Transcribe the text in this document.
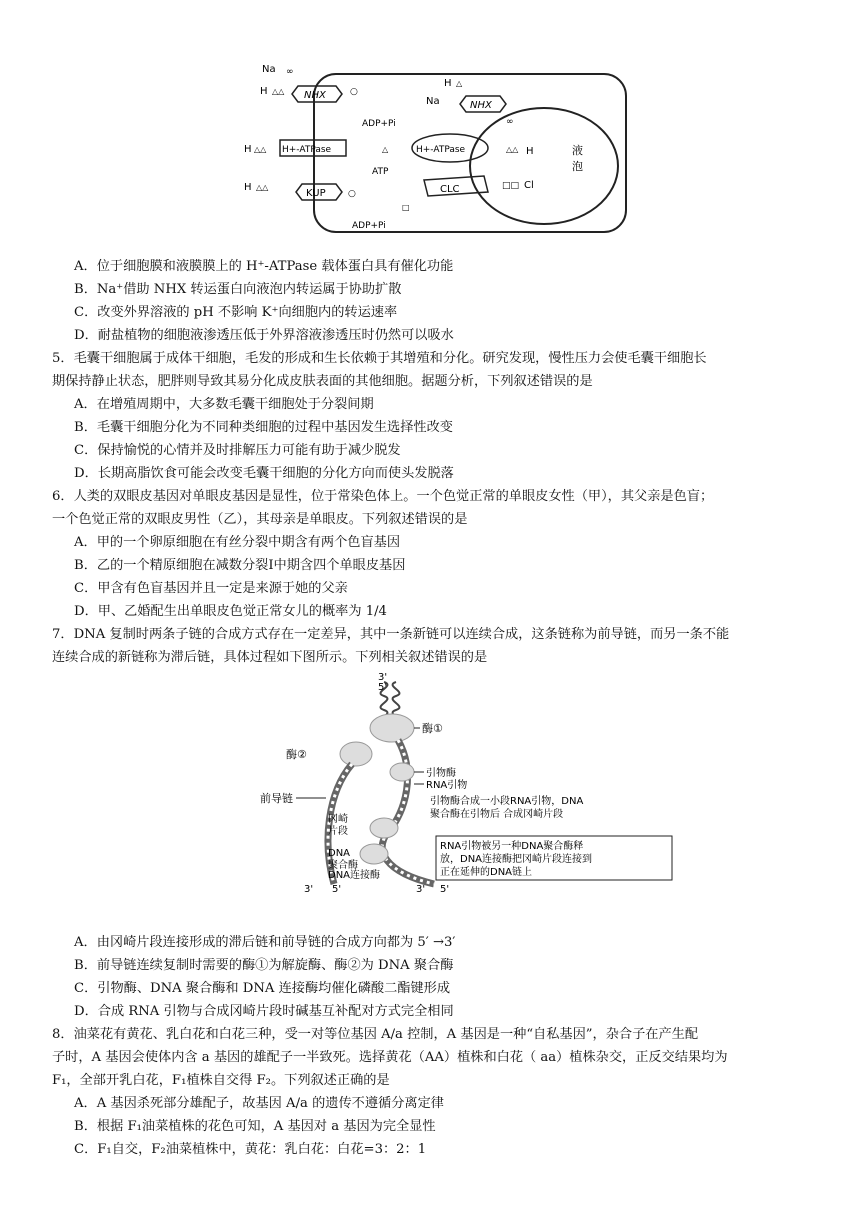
NHX
Na ∞
H △△	○
NHX
H △
Na
∞
ADP+Pi
H+-ATPase
H △△	△	H+-ATPase	△△ H
ATP
KUP
H △△
○	CLC	□□ Cl
□
ADP+Pi
液
泡
A．位于细胞膜和液膜膜上的 H⁺-ATPase 载体蛋白具有催化功能
B．Na⁺借助 NHX 转运蛋白向液泡内转运属于协助扩散
C．改变外界溶液的 pH 不影响 K⁺向细胞内的转运速率
D．耐盐植物的细胞液渗透压低于外界溶液渗透压时仍然可以吸水
5．毛囊干细胞属于成体干细胞，毛发的形成和生长依赖于其增殖和分化。研究发现，慢性压力会使毛囊干细胞长
期保持静止状态，肥胖则导致其易分化成皮肤表面的其他细胞。据题分析，下列叙述错误的是
A．在增殖周期中，大多数毛囊干细胞处于分裂间期
B．毛囊干细胞分化为不同种类细胞的过程中基因发生选择性改变
C．保持愉悦的心情并及时排解压力可能有助于减少脱发
D．长期高脂饮食可能会改变毛囊干细胞的分化方向而使头发脱落
6．人类的双眼皮基因对单眼皮基因是显性，位于常染色体上。一个色觉正常的单眼皮女性（甲），其父亲是色盲；
一个色觉正常的双眼皮男性（乙），其母亲是单眼皮。下列叙述错误的是
A．甲的一个卵原细胞在有丝分裂中期含有两个色盲基因
B．乙的一个精原细胞在减数分裂Ⅰ中期含四个单眼皮基因
C．甲含有色盲基因并且一定是来源于她的父亲
D．甲、乙婚配生出单眼皮色觉正常女儿的概率为 1/4
7．DNA 复制时两条子链的合成方式存在一定差异，其中一条新链可以连续合成，这条链称为前导链，而另一条不能
连续合成的新链称为滞后链，具体过程如下图所示。下列相关叙述错误的是
3'
5'
酶①
酶②
引物酶
RNA引物
前导链
冈崎
片段
引物酶合成一小段RNA引物，DNA
聚合酶在引物后 合成冈崎片段
RNA引物被另一种DNA聚合酶释
放，DNA连接酶把冈崎片段连接到
正在延伸的DNA链上
DNA
聚合酶
DNA连接酶
3' 5'	3' 5'
A．由冈崎片段连接形成的滞后链和前导链的合成方向都为 5′ →3′
B．前导链连续复制时需要的酶①为解旋酶、酶②为 DNA 聚合酶
C．引物酶、DNA 聚合酶和 DNA 连接酶均催化磷酸二酯键形成
D．合成 RNA 引物与合成冈崎片段时碱基互补配对方式完全相同
8．油菜花有黄花、乳白花和白花三种，受一对等位基因 A/a 控制，A 基因是一种“自私基因”，杂合子在产生配
子时，A 基因会使体内含 a 基因的雄配子一半致死。选择黄花（AA）植株和白花（ aa）植株杂交，正反交结果均为
F₁，全部开乳白花，F₁植株自交得 F₂。下列叙述正确的是
A．A 基因杀死部分雄配子，故基因 A/a 的遗传不遵循分离定律
B．根据 F₁油菜植株的花色可知，A 基因对 a 基因为完全显性
C．F₁自交，F₂油菜植株中，黄花：乳白花：白花=3：2：1
